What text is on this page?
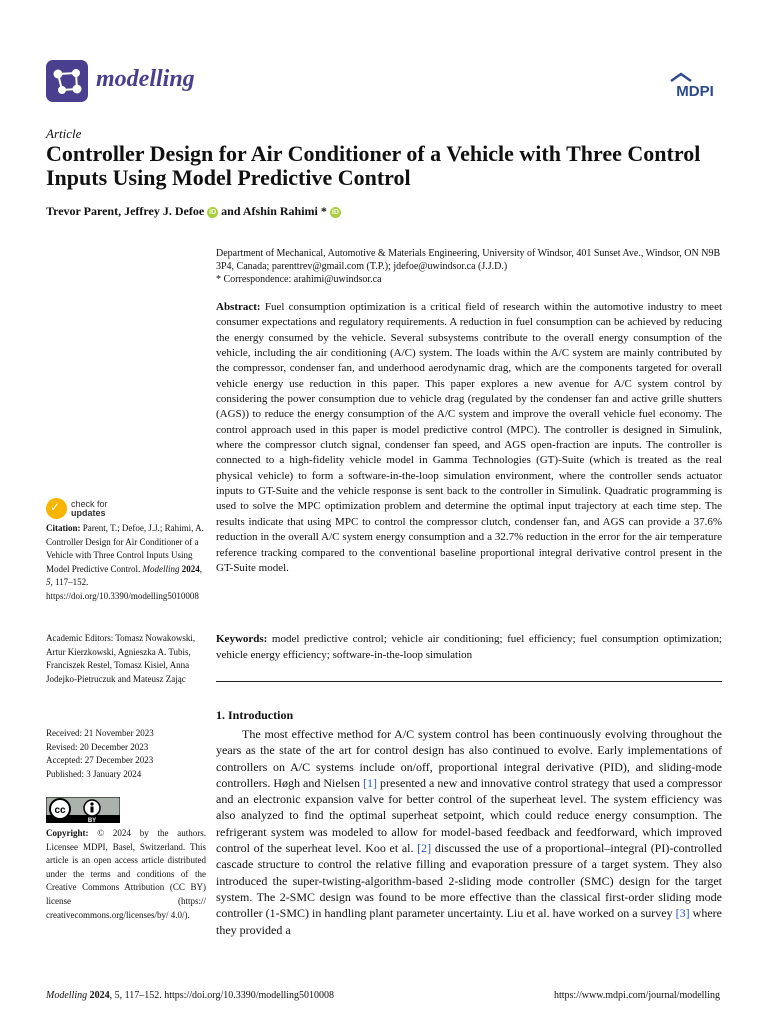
modelling	MDPI
Article
Controller Design for Air Conditioner of a Vehicle with Three Control Inputs Using Model Predictive Control
Trevor Parent, Jeffrey J. Defoe iD and Afshin Rahimi * iD
Department of Mechanical, Automotive & Materials Engineering, University of Windsor, 401 Sunset Ave., Windsor, ON N9B 3P4, Canada; parenttrev@gmail.com (T.P.); jdefoe@uwindsor.ca (J.J.D.)
* Correspondence: arahimi@uwindsor.ca

Abstract: Fuel consumption optimization is a critical field of research within the automotive industry to meet consumer expectations and regulatory requirements. A reduction in fuel consumption can be achieved by reducing the energy consumed by the vehicle. Several subsystems contribute to the overall energy consumption of the vehicle, including the air conditioning (A/C) system. The loads within the A/C system are mainly contributed by the compressor, condenser fan, and underhood aerodynamic drag, which are the components targeted for overall vehicle energy use reduction in this paper. This paper explores a new avenue for A/C system control by considering the power consumption due to vehicle drag (regulated by the condenser fan and active grille shutters (AGS)) to reduce the energy consumption of the A/C system and improve the overall vehicle fuel economy. The control approach used in this paper is model predictive control (MPC). The controller is designed in Simulink, where the compressor clutch signal, condenser fan speed, and AGS open-fraction are inputs. The controller is connected to a high-fidelity vehicle model in Gamma Technologies (GT)-Suite (which is treated as the real physical vehicle) to form a software-in-the-loop simulation environment, where the controller sends actuator inputs to GT-Suite and the vehicle response is sent back to the controller in Simulink. Quadratic programming is used to solve the MPC optimization problem and determine the optimal input trajectory at each time step. The results indicate that using MPC to control the compressor clutch, condenser fan, and AGS can provide a 37.6% reduction in the overall A/C system energy consumption and a 32.7% reduction in the error for the air temperature reference tracking compared to the conventional baseline proportional integral derivative control present in the GT-Suite model.

Keywords: model predictive control; vehicle air conditioning; fuel efficiency; fuel consumption optimization; vehicle energy efficiency; software-in-the-loop simulation

1. Introduction

The most effective method for A/C system control has been continuously evolving throughout the years as the state of the art for control design has also continued to evolve. Early implementations of controllers on A/C systems include on/off, proportional integral derivative (PID), and sliding-mode controllers. Høgh and Nielsen [1] presented a new and innovative control strategy that used a compressor and an electronic expansion valve for better control of the superheat level. The system efficiency was also analyzed to find the optimal superheat setpoint, which could reduce energy consumption. The refrigerant system was modeled to allow for model-based feedback and feedforward, which improved control of the superheat level. Koo et al. [2] discussed the use of a proportional–integral (PI)-controlled cascade structure to control the relative filling and evaporation pressure of a target system. They also introduced the super-twisting-algorithm-based 2-sliding mode controller (SMC) design for the target system. The 2-SMC design was found to be more effective than the classical first-order sliding mode controller (1-SMC) in handling plant parameter uncertainty. Liu et al. have worked on a survey [3] where they provided a

✓ check for
updates
Citation: Parent, T.; Defoe, J.J.; Rahimi, A. Controller Design for Air Conditioner of a Vehicle with Three Control Inputs Using Model Predictive Control. Modelling 2024, 5, 117–152. https://doi.org/10.3390/modelling5010008
Academic Editors: Tomasz Nowakowski, Artur Kierzkowski, Agnieszka A. Tubis, Franciszek Restel, Tomasz Kisiel, Anna Jodejko-Pietruczuk and Mateusz Zając
Received: 21 November 2023
Revised: 20 December 2023
Accepted: 27 December 2023
Published: 3 January 2024
cc
BY
Copyright: © 2024 by the authors. Licensee MDPI, Basel, Switzerland. This article is an open access article distributed under the terms and conditions of the Creative Commons Attribution (CC BY) license (https:// creativecommons.org/licenses/by/ 4.0/).
Modelling 2024, 5, 117–152. https://doi.org/10.3390/modelling5010008	https://www.mdpi.com/journal/modelling
